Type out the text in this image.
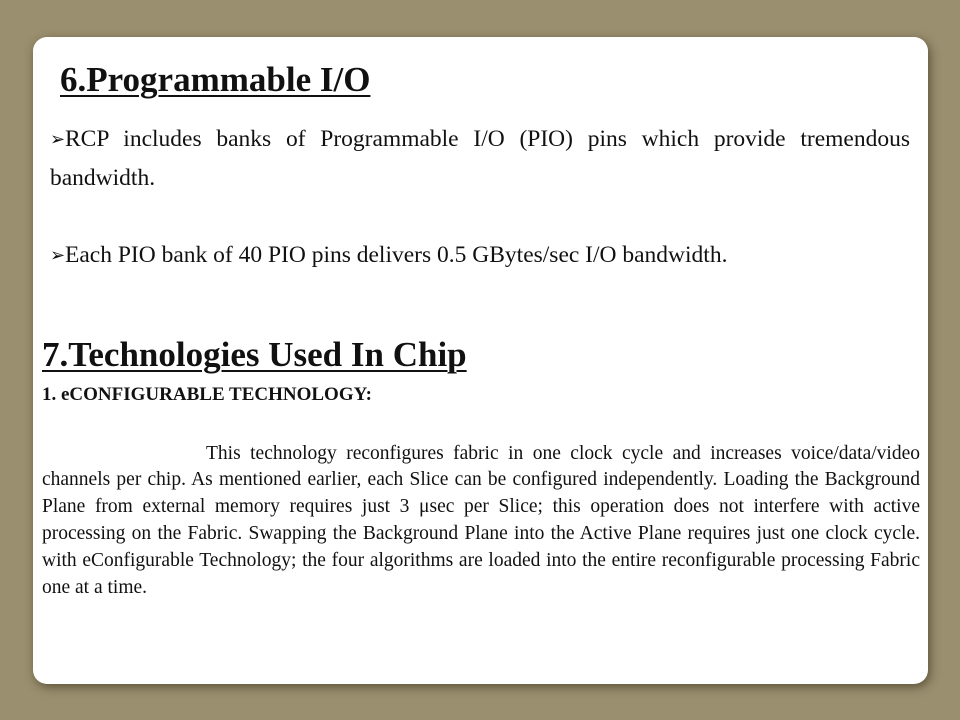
6.Programmable I/O
➢RCP includes banks of Programmable I/O (PIO) pins which provide tremendous bandwidth.
➢Each PIO bank of 40 PIO pins delivers 0.5 GBytes/sec I/O bandwidth.
7.Technologies Used In Chip
1. eCONFIGURABLE TECHNOLOGY:

This technology reconfigures fabric in one clock cycle and increases voice/data/video channels per chip. As mentioned earlier, each Slice can be configured independently. Loading the Background Plane from external memory requires just 3 μsec per Slice; this operation does not interfere with active processing on the Fabric. Swapping the Background Plane into the Active Plane requires just one clock cycle. with eConfigurable Technology; the four algorithms are loaded into the entire reconfigurable processing Fabric one at a time.
